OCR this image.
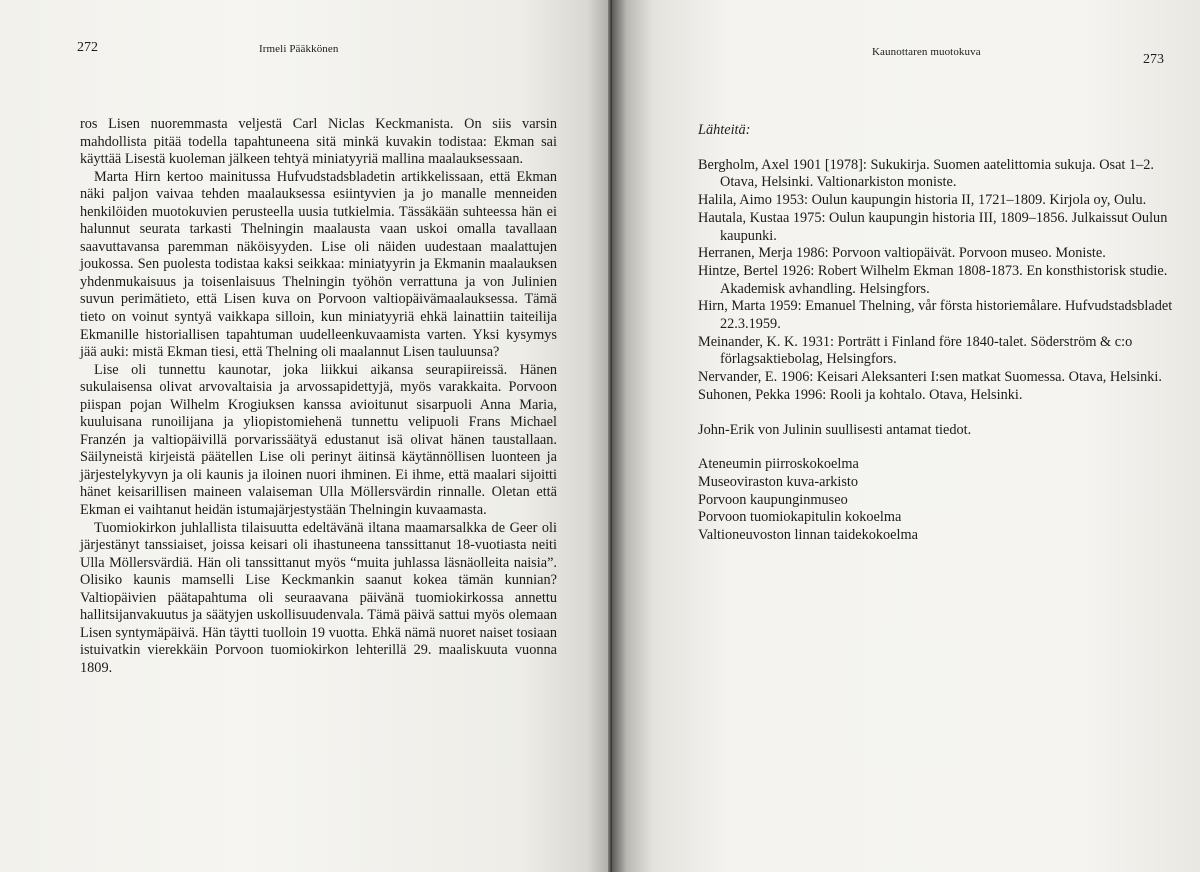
272	Irmeli Pääkkönen

ros Lisen nuoremmasta veljestä Carl Niclas Keckmanista. On siis varsin mahdollista pitää todella tapahtuneena sitä minkä kuvakin todistaa: Ekman sai käyttää Lisestä kuoleman jälkeen tehtyä miniatyyriä mallina maalauksessaan.

Marta Hirn kertoo mainitussa Hufvudstadsbladetin artikkelissaan, että Ekman näki paljon vaivaa tehden maalauksessa esiintyvien ja jo manalle menneiden henkilöiden muotokuvien perusteella uusia tutkielmia. Tässäkään suhteessa hän ei halunnut seurata tarkasti Thelningin maalausta vaan uskoi omalla tavallaan saavuttavansa paremman näköisyyden. Lise oli näiden uudestaan maalattujen joukossa. Sen puolesta todistaa kaksi seikkaa: miniatyyrin ja Ekmanin maalauksen yhdenmukaisuus ja toisenlaisuus Thelningin työhön verrattuna ja von Julinien suvun perimätieto, että Lisen kuva on Porvoon valtiopäivämaalauksessa. Tämä tieto on voinut syntyä vaikkapa silloin, kun miniatyyriä ehkä lainattiin taiteilija Ekmanille historiallisen tapahtuman uudelleenkuvaamista varten. Yksi kysymys jää auki: mistä Ekman tiesi, että Thelning oli maalannut Lisen tauluunsa?

Lise oli tunnettu kaunotar, joka liikkui aikansa seurapiireissä. Hänen sukulaisensa olivat arvovaltaisia ja arvossapidettyjä, myös varakkaita. Porvoon piispan pojan Wilhelm Krogiuksen kanssa avioitunut sisarpuoli Anna Maria, kuuluisana runoilijana ja yliopistomiehenä tunnettu velipuoli Frans Michael Franzén ja valtiopäivillä porvarissäätyä edustanut isä olivat hänen taustallaan. Säilyneistä kirjeistä päätellen Lise oli perinyt äitinsä käytännöllisen luonteen ja järjestelykyvyn ja oli kaunis ja iloinen nuori ihminen. Ei ihme, että maalari sijoitti hänet keisarillisen maineen valaiseman Ulla Möllersvärdin rinnalle. Oletan että Ekman ei vaihtanut heidän istumajärjestystään Thelningin kuvaamasta.

Tuomiokirkon juhlallista tilaisuutta edeltävänä iltana maamarsalkka de Geer oli järjestänyt tanssiaiset, joissa keisari oli ihastuneena tanssittanut 18-vuotiasta neiti Ulla Möllersvärdiä. Hän oli tanssittanut myös “muita juhlassa läsnäolleita naisia”. Olisiko kaunis mamselli Lise Keckmankin saanut kokea tämän kunnian? Valtiopäivien päätapahtuma oli seuraavana päivänä tuomiokirkossa annettu hallitsijanvakuutus ja säätyjen uskollisuudenvala. Tämä päivä sattui myös olemaan Lisen syntymäpäivä. Hän täytti tuolloin 19 vuotta. Ehkä nämä nuoret naiset tosiaan istuivatkin vierekkäin Porvoon tuomiokirkon lehterillä 29. maaliskuuta vuonna 1809.

Kaunottaren muotokuva	273
Lähteitä:
Bergholm, Axel 1901 [1978]: Sukukirja. Suomen aatelittomia sukuja. Osat 1–2. Otava, Helsinki. Valtionarkiston moniste.
Halila, Aimo 1953: Oulun kaupungin historia II, 1721–1809. Kirjola oy, Oulu.
Hautala, Kustaa 1975: Oulun kaupungin historia III, 1809–1856. Julkaissut Oulun kaupunki.
Herranen, Merja 1986: Porvoon valtiopäivät. Porvoon museo. Moniste.
Hintze, Bertel 1926: Robert Wilhelm Ekman 1808-1873. En konsthistorisk studie. Akademisk avhandling. Helsingfors.
Hirn, Marta 1959: Emanuel Thelning, vår första historiemålare. Hufvudstadsbladet 22.3.1959.
Meinander, K. K. 1931: Porträtt i Finland före 1840-talet. Söderström & c:o förlagsaktiebolag, Helsingfors.
Nervander, E. 1906: Keisari Aleksanteri I:sen matkat Suomessa. Otava, Helsinki.
Suhonen, Pekka 1996: Rooli ja kohtalo. Otava, Helsinki.
John-Erik von Julinin suullisesti antamat tiedot.
Ateneumin piirroskokoelma
Museoviraston kuva-arkisto
Porvoon kaupunginmuseo
Porvoon tuomiokapitulin kokoelma
Valtioneuvoston linnan taidekokoelma
